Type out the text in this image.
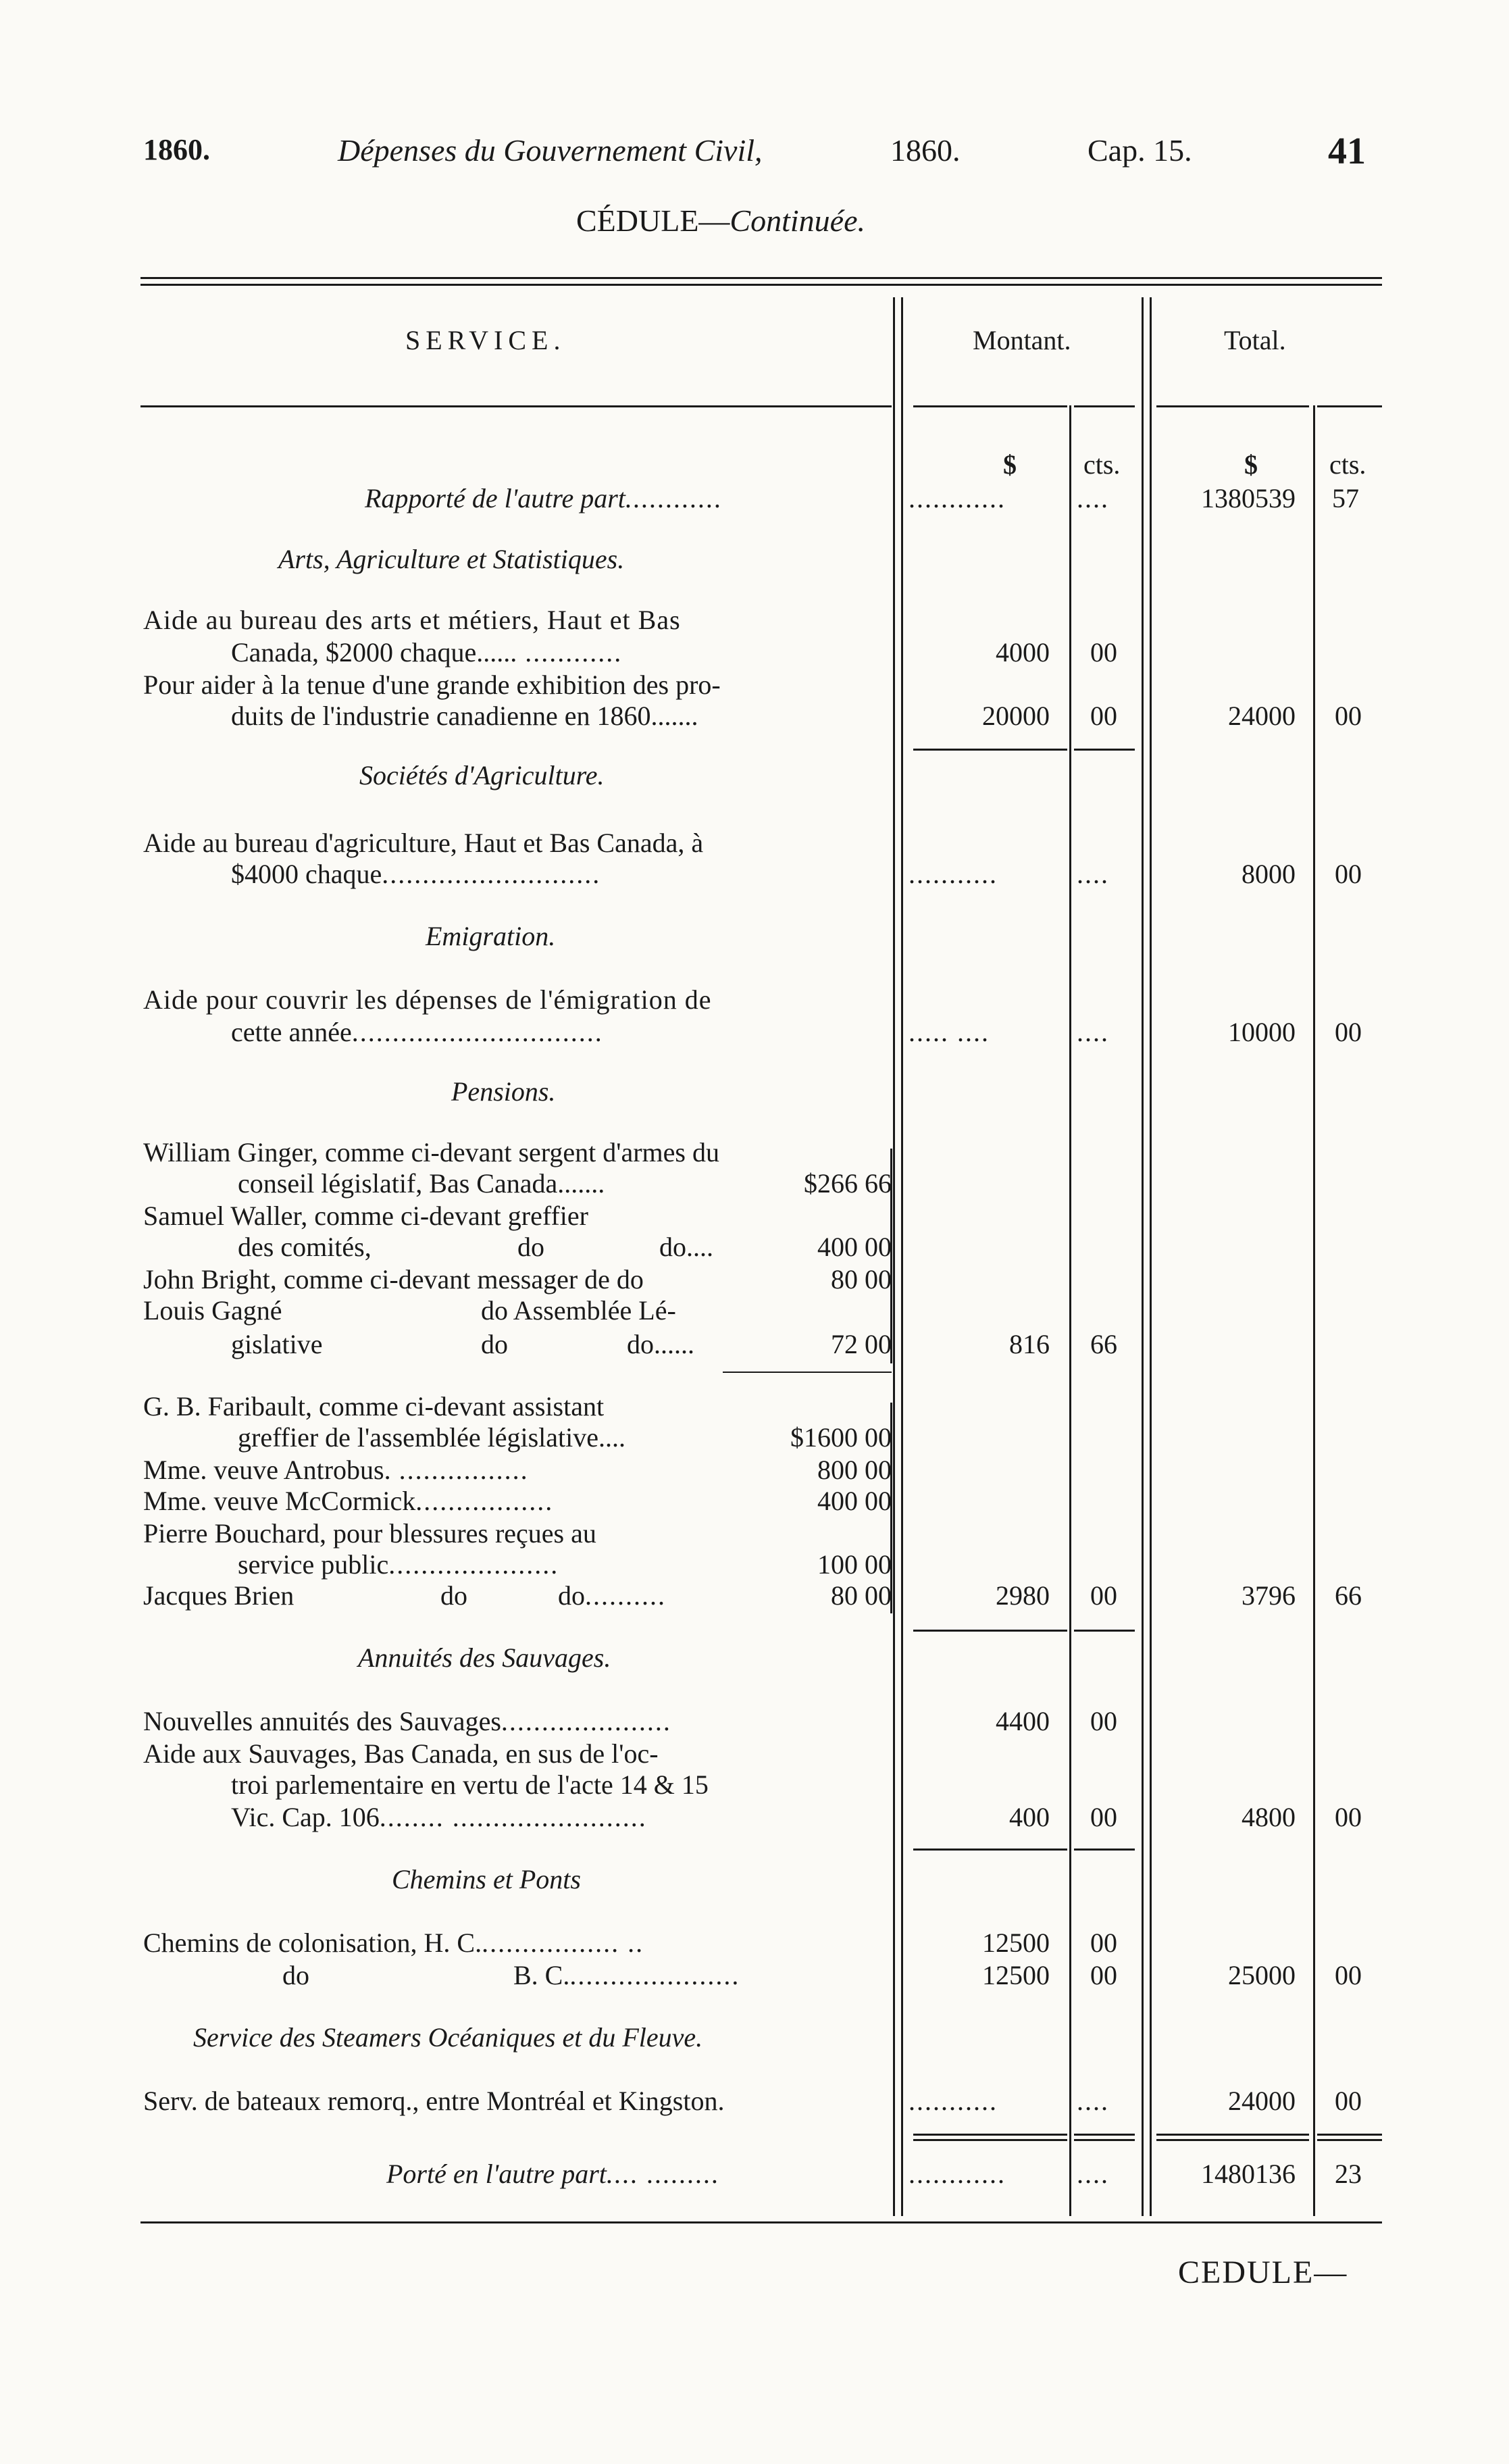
1860.	Dépenses du Gouvernement Civil,	1860.	Cap. 15.	41
CÉDULE—Continuée.
SERVICE.	Montant.	Total.
$ cts.	$	cts.
Rapporté de l'autre part............	............	....	1380539 57
Arts, Agriculture et Statistiques.
Aide au bureau des arts et métiers, Haut et Bas
Canada, $2000 chaque...... ............	4000 00
Pour aider à la tenue d'une grande exhibition des pro-
duits de l'industrie canadienne en 1860.......	20000 00	24000 00
Sociétés d'Agriculture.
Aide au bureau d'agriculture, Haut et Bas Canada, à
$4000 chaque...........................	...........	....	8000 00
Emigration.
Aide pour couvrir les dépenses de l'émigration de
cette année...............................	..... ....	....	10000 00
Pensions.
William Ginger, comme ci-devant sergent d'armes du
conseil législatif, Bas Canada.......	$266 66
Samuel Waller, comme ci-devant greffier
des comités,	do	do....	400 00
John Bright, comme ci-devant messager de do	80 00
Louis Gagné	do Assemblée Lé-
gislative	do	do......	72 00	816 66
G. B. Faribault, comme ci-devant assistant
greffier de l'assemblée législative....	$1600 00
Mme. veuve Antrobus. ................	800 00
Mme. veuve McCormick.................	400 00
Pierre Bouchard, pour blessures reçues au
service public.....................	100 00
Jacques Brien	do	do..........	80 00	2980 00	3796 66
Annuités des Sauvages.
Nouvelles annuités des Sauvages.....................	4400 00
Aide aux Sauvages, Bas Canada, en sus de l'oc-
troi parlementaire en vertu de l'acte 14 & 15
Vic. Cap. 106........ ........................	400 00	4800 00
Chemins et Ponts
Chemins de colonisation, H. C.................. ..	12500 00
do	B. C......................	12500 00	25000 00
Service des Steamers Océaniques et du Fleuve.
Serv. de bateaux remorq., entre Montréal et Kingston.	...........	....	24000 00
Porté en l'autre part.... .........	............	....	1480136 23
CEDULE—
